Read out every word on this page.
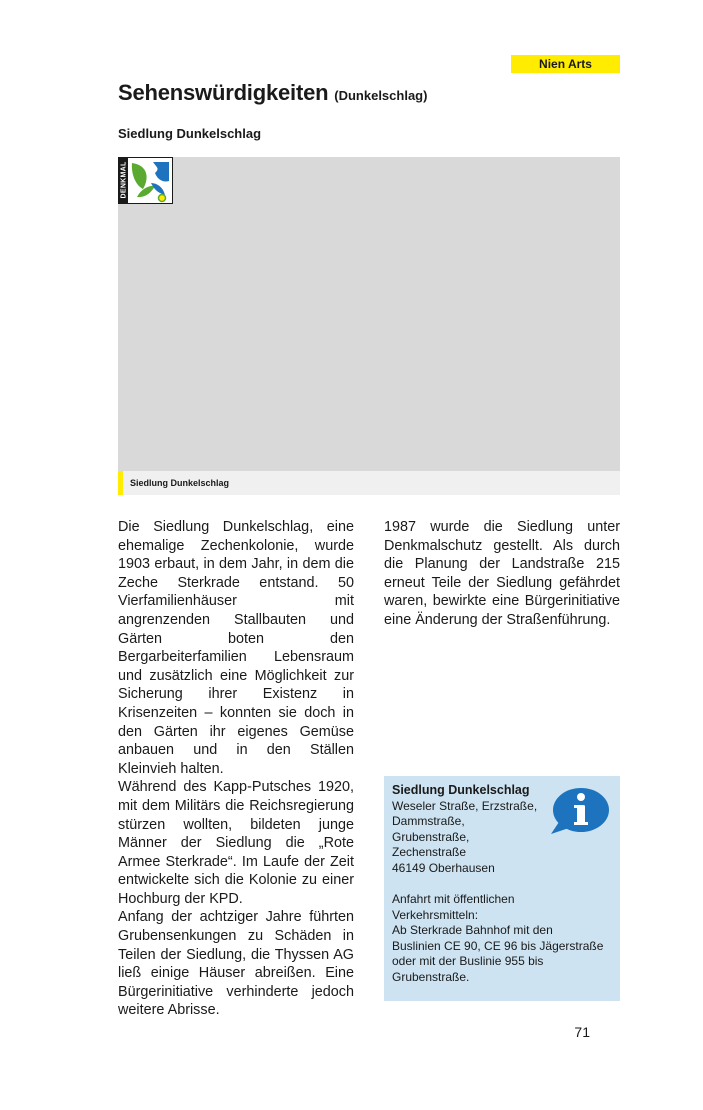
Nien Arts
Sehenswürdigkeiten (Dunkelschlag)
Siedlung Dunkelschlag
DENKMAL
Siedlung Dunkelschlag

Die Siedlung Dunkelschlag, eine ehemalige Zechenkolonie, wurde 1903 erbaut, in dem Jahr, in dem die Zeche Sterkrade entstand. 50 Vierfamilienhäuser mit angrenzenden Stallbauten und Gärten boten den Bergarbeiterfamilien Lebensraum und zusätzlich eine Möglichkeit zur Sicherung ihrer Existenz in Krisenzeiten – konnten sie doch in den Gärten ihr eigenes Gemüse anbauen und in den Ställen Kleinvieh halten.

Während des Kapp-Putsches 1920, mit dem Militärs die Reichsregierung stürzen wollten, bildeten junge Männer der Siedlung die „Rote Armee Sterkrade“. Im Laufe der Zeit entwickelte sich die Kolonie zu einer Hochburg der KPD.

Anfang der achtziger Jahre führten Grubensenkungen zu Schäden in Teilen der Siedlung, die Thyssen AG ließ einige Häuser abreißen. Eine Bürgerinitiative verhinderte jedoch weitere Abrisse.

1987 wurde die Siedlung unter Denkmalschutz gestellt. Als durch die Planung der Landstraße 215 erneut Teile der Siedlung gefährdet waren, bewirkte eine Bürgerinitiative eine Änderung der Straßenführung.

Siedlung Dunkelschlag
Weseler Straße, Erzstraße,
Dammstraße,
Grubenstraße,
Zechenstraße
46149 Oberhausen
Anfahrt mit öffentlichen
Verkehrsmitteln:
Ab Sterkrade Bahnhof mit den
Buslinien CE 90, CE 96 bis Jägerstraße
oder mit der Buslinie 955 bis
Grubenstraße.
71
